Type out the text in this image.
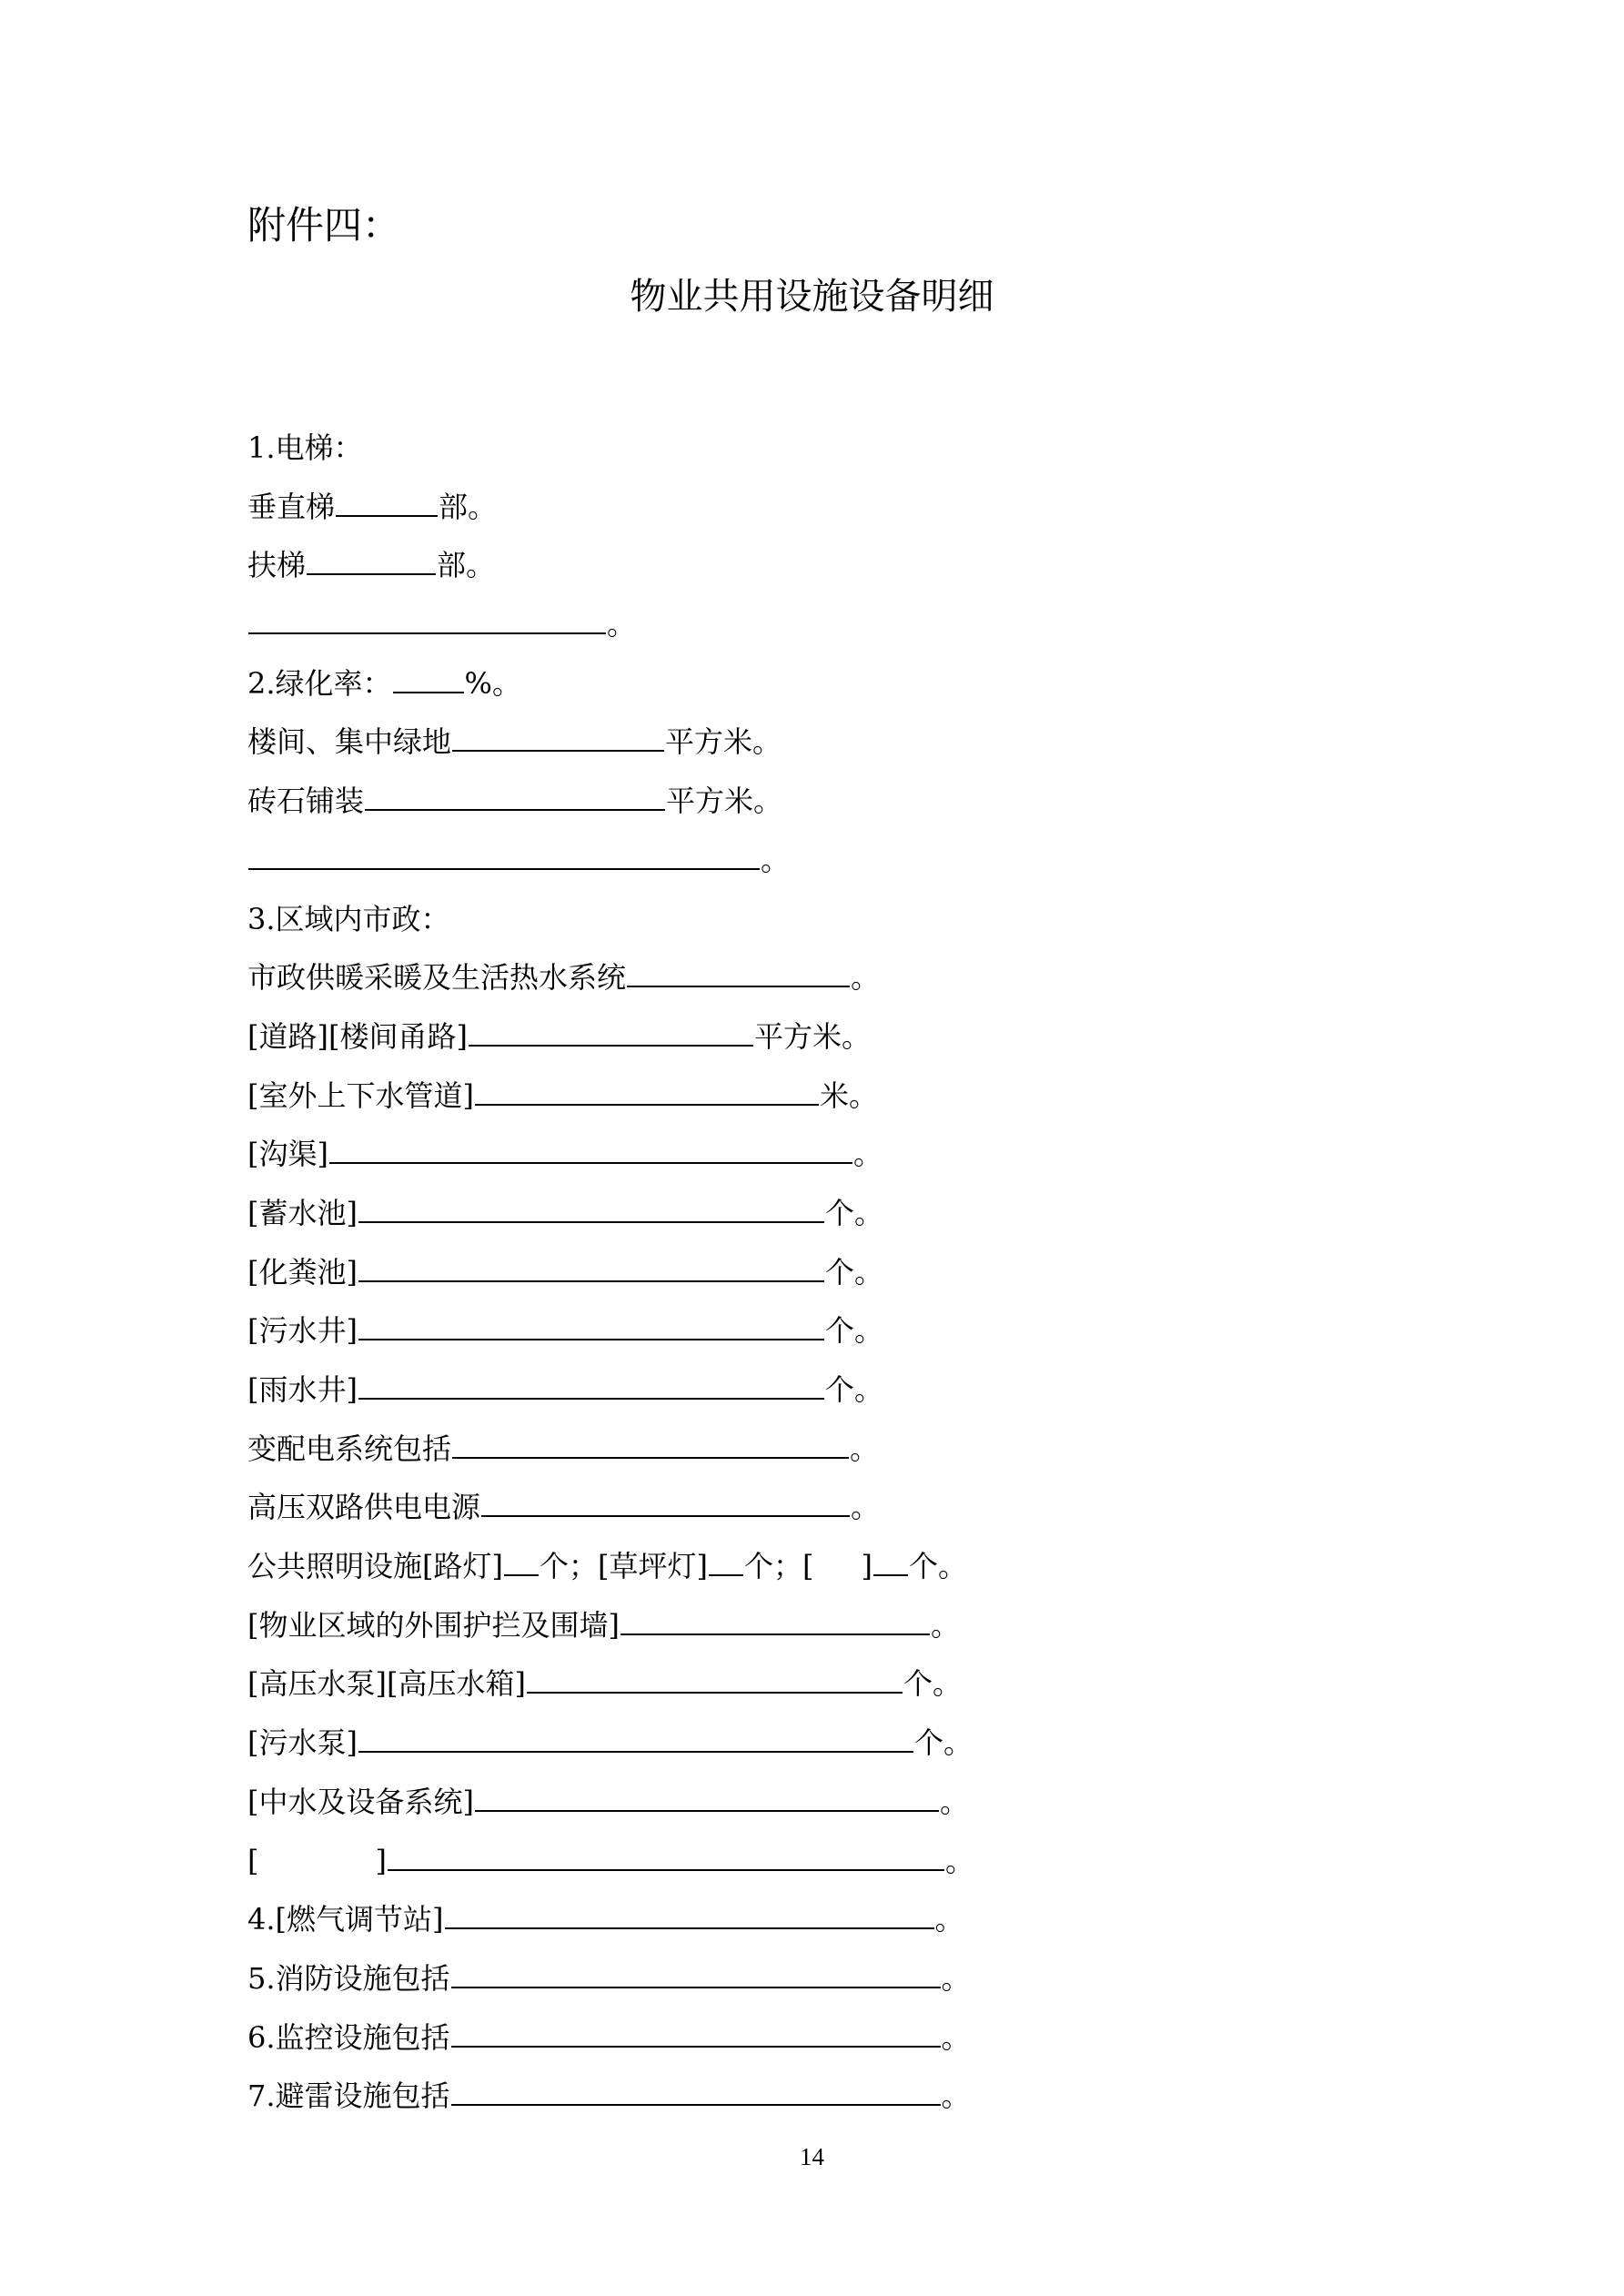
附件四：
物业共用设施设备明细
1.电梯：
垂直梯	部。
扶梯	部。
。
2.绿化率：	%。
楼间、集中绿地	平方米。
砖石铺装	平方米。
。
3.区域内市政：
市政供暖采暖及生活热水系统	。
[道路][楼间甬路]	平方米。
[室外上下水管道]	米。
[沟渠]	。
[蓄水池]	个。
[化粪池]	个。
[污水井]	个。
[雨水井]	个。
变配电系统包括	。
高压双路供电电源	。
公共照明设施[路灯] 个；[草坪灯] 个；[ ] 个。
[物业区域的外围护拦及围墙]	。
[高压水泵][高压水箱]	个。
[污水泵]	个。
[中水及设备系统]	。
[	]	。
4.[燃气调节站]	。
5.消防设施包括	。
6.监控设施包括	。
7.避雷设施包括	。
14
